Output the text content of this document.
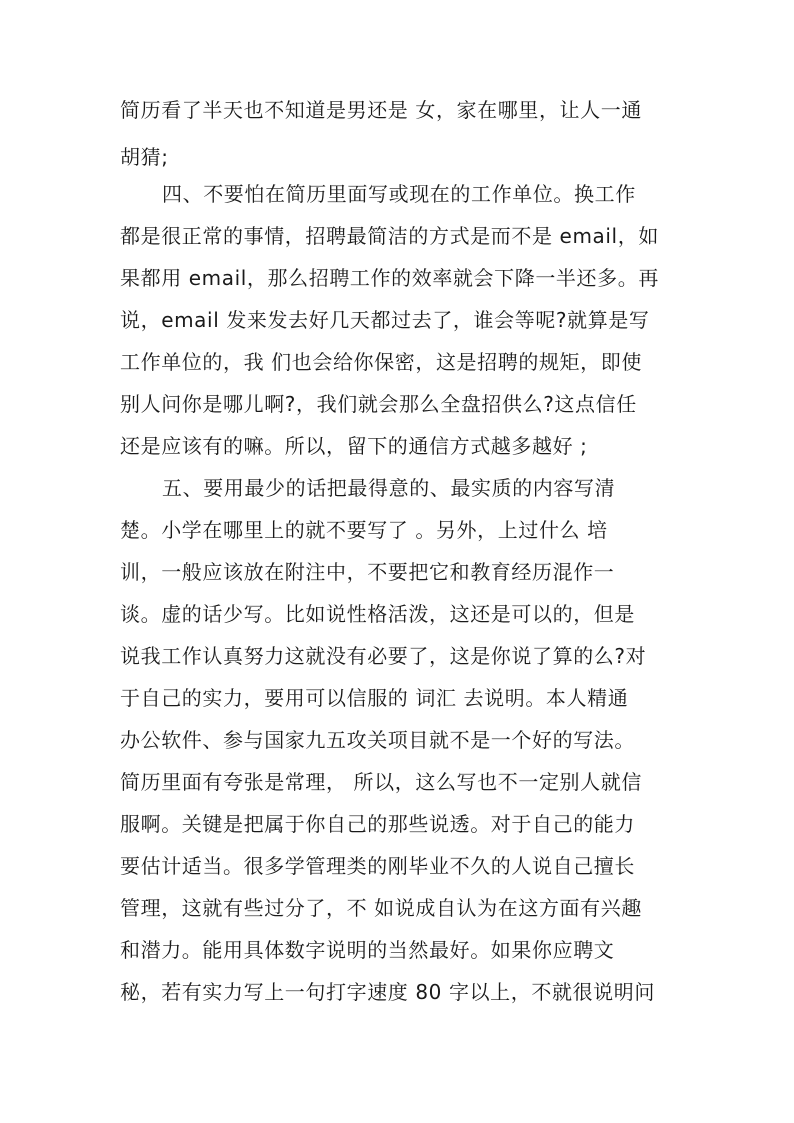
简历看了半天也不知道是男还是 女，家在哪里，让人一通
胡猜;
四、不要怕在简历里面写或现在的工作单位。换工作
都是很正常的事情，招聘最简洁的方式是而不是 email，如
果都用 email，那么招聘工作的效率就会下降一半还多。再
说，email 发来发去好几天都过去了，谁会等呢?就算是写
工作单位的，我 们也会给你保密，这是招聘的规矩，即使
别人问你是哪儿啊?，我们就会那么全盘招供么?这点信任
还是应该有的嘛。所以，留下的通信方式越多越好 ;
五、要用最少的话把最得意的、最实质的内容写清
楚。小学在哪里上的就不要写了 。另外，上过什么 培
训，一般应该放在附注中，不要把它和教育经历混作一
谈。虚的话少写。比如说性格活泼，这还是可以的，但是
说我工作认真努力这就没有必要了，这是你说了算的么?对
于自己的实力，要用可以信服的 词汇 去说明。本人精通
办公软件、参与国家九五攻关项目就不是一个好的写法。
简历里面有夸张是常理， 所以，这么写也不一定别人就信
服啊。关键是把属于你自己的那些说透。对于自己的能力
要估计适当。很多学管理类的刚毕业不久的人说自己擅长
管理，这就有些过分了，不 如说成自认为在这方面有兴趣
和潜力。能用具体数字说明的当然最好。如果你应聘文
秘，若有实力写上一句打字速度 80 字以上，不就很说明问
